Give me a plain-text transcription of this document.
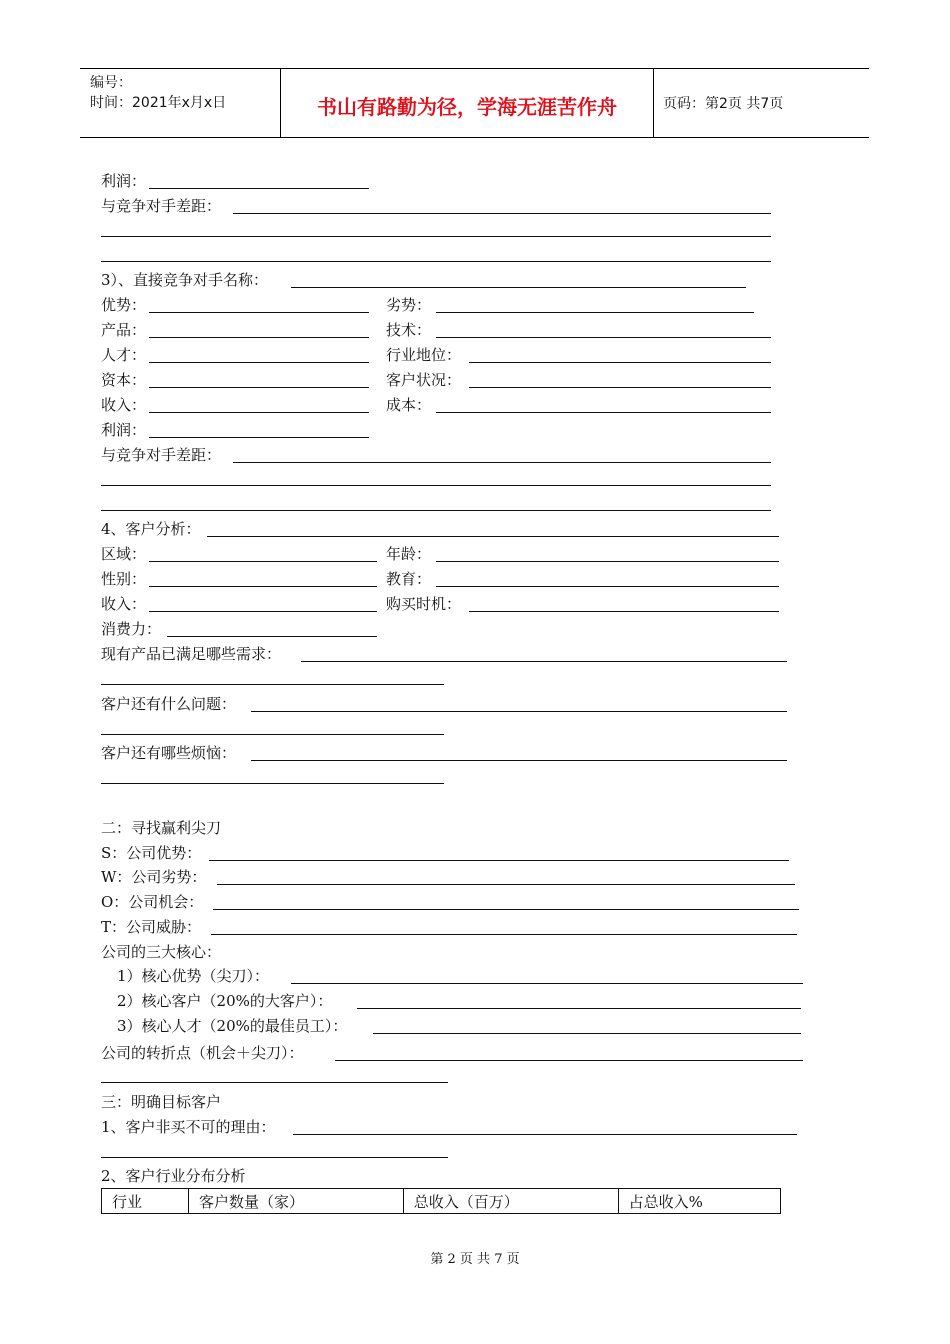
编号：
时间：2021年x月x日	书山有路勤为径，学海无涯苦作舟	页码：第2页 共7页
利润：
与竞争对手差距：
3）、直接竞争对手名称：
优势：	劣势：
产品：	技术：
人才：	行业地位：
资本：	客户状况：
收入：	成本：
利润：
与竞争对手差距：
4、客户分析：
区域：	年龄：
性别：	教育：
收入：	购买时机：
消费力：
现有产品已满足哪些需求：
客户还有什么问题：
客户还有哪些烦恼：
二：寻找赢利尖刀
S：公司优势：
W：公司劣势：
O：公司机会：
T：公司威胁：
公司的三大核心：
1）核心优势（尖刀）：
2）核心客户（20%的大客户）：
3）核心人才（20%的最佳员工）：
公司的转折点（机会＋尖刀）：
三：明确目标客户
1、客户非买不可的理由：
2、客户行业分布分析
行业	客户数量（家）	总收入（百万）	占总收入%
第 2 页 共 7 页
